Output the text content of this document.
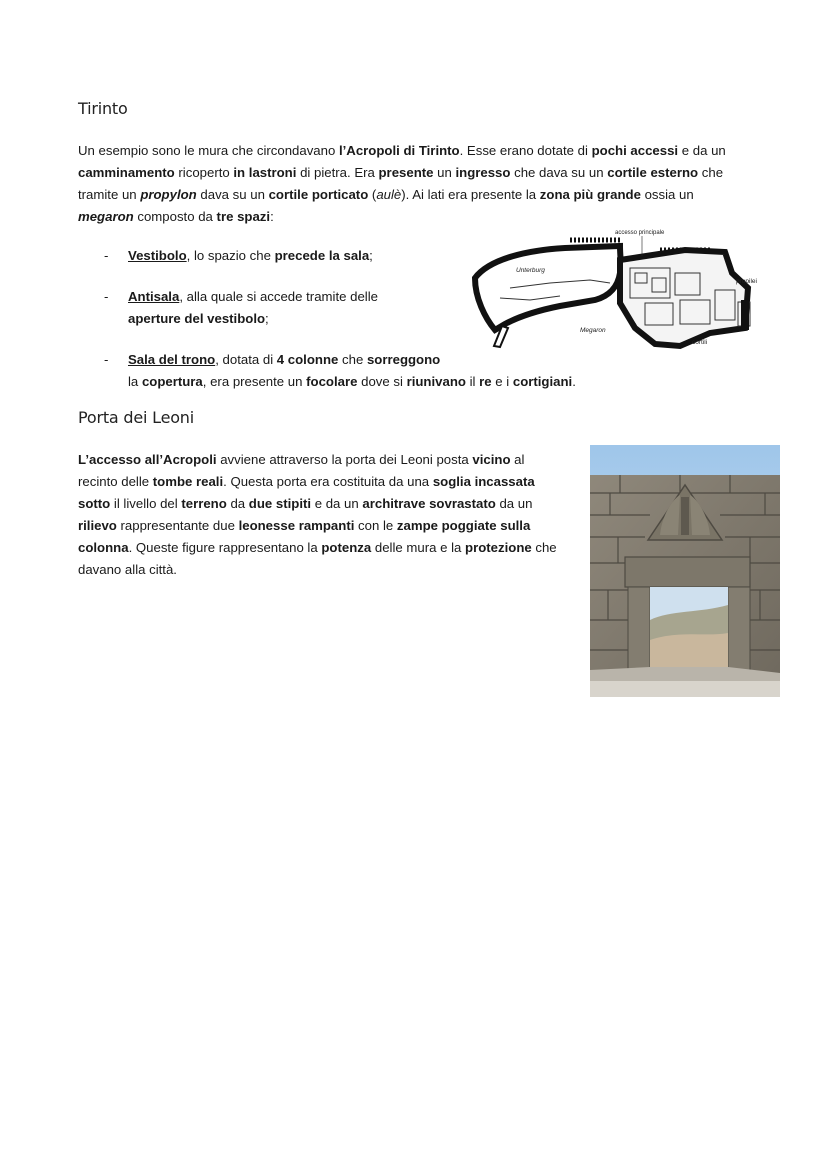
Tirinto

Un esempio sono le mura che circondavano l’Acropoli di Tirinto. Esse erano dotate di pochi accessi e da un camminamento ricoperto in lastroni di pietra. Era presente un ingresso che dava su un cortile esterno che tramite un propylon dava su un cortile porticato (aulè). Ai lati era presente la zona più grande ossia un megaron composto da tre spazi:

- Vestibolo, lo spazio che precede la sala;
- Antisala, alla quale si accede tramite delle
aperture del vestibolo;
- Sala del trono, dotata di 4 colonne che sorreggono
la copertura, era presente un focolare dove si riunivano il re e i cortigiani.
accesso principale
Unterburg
propilei
Megaron
cortili
Porta dei Leoni

L’accesso all’Acropoli avviene attraverso la porta dei Leoni posta vicino al recinto delle tombe reali. Questa porta era costituita da una soglia incassata sotto il livello del terreno da due stipiti e da un architrave sovrastato da un rilievo rappresentante due leonesse rampanti con le zampe poggiate sulla colonna. Queste figure rappresentano la potenza delle mura e la protezione che davano alla città.
